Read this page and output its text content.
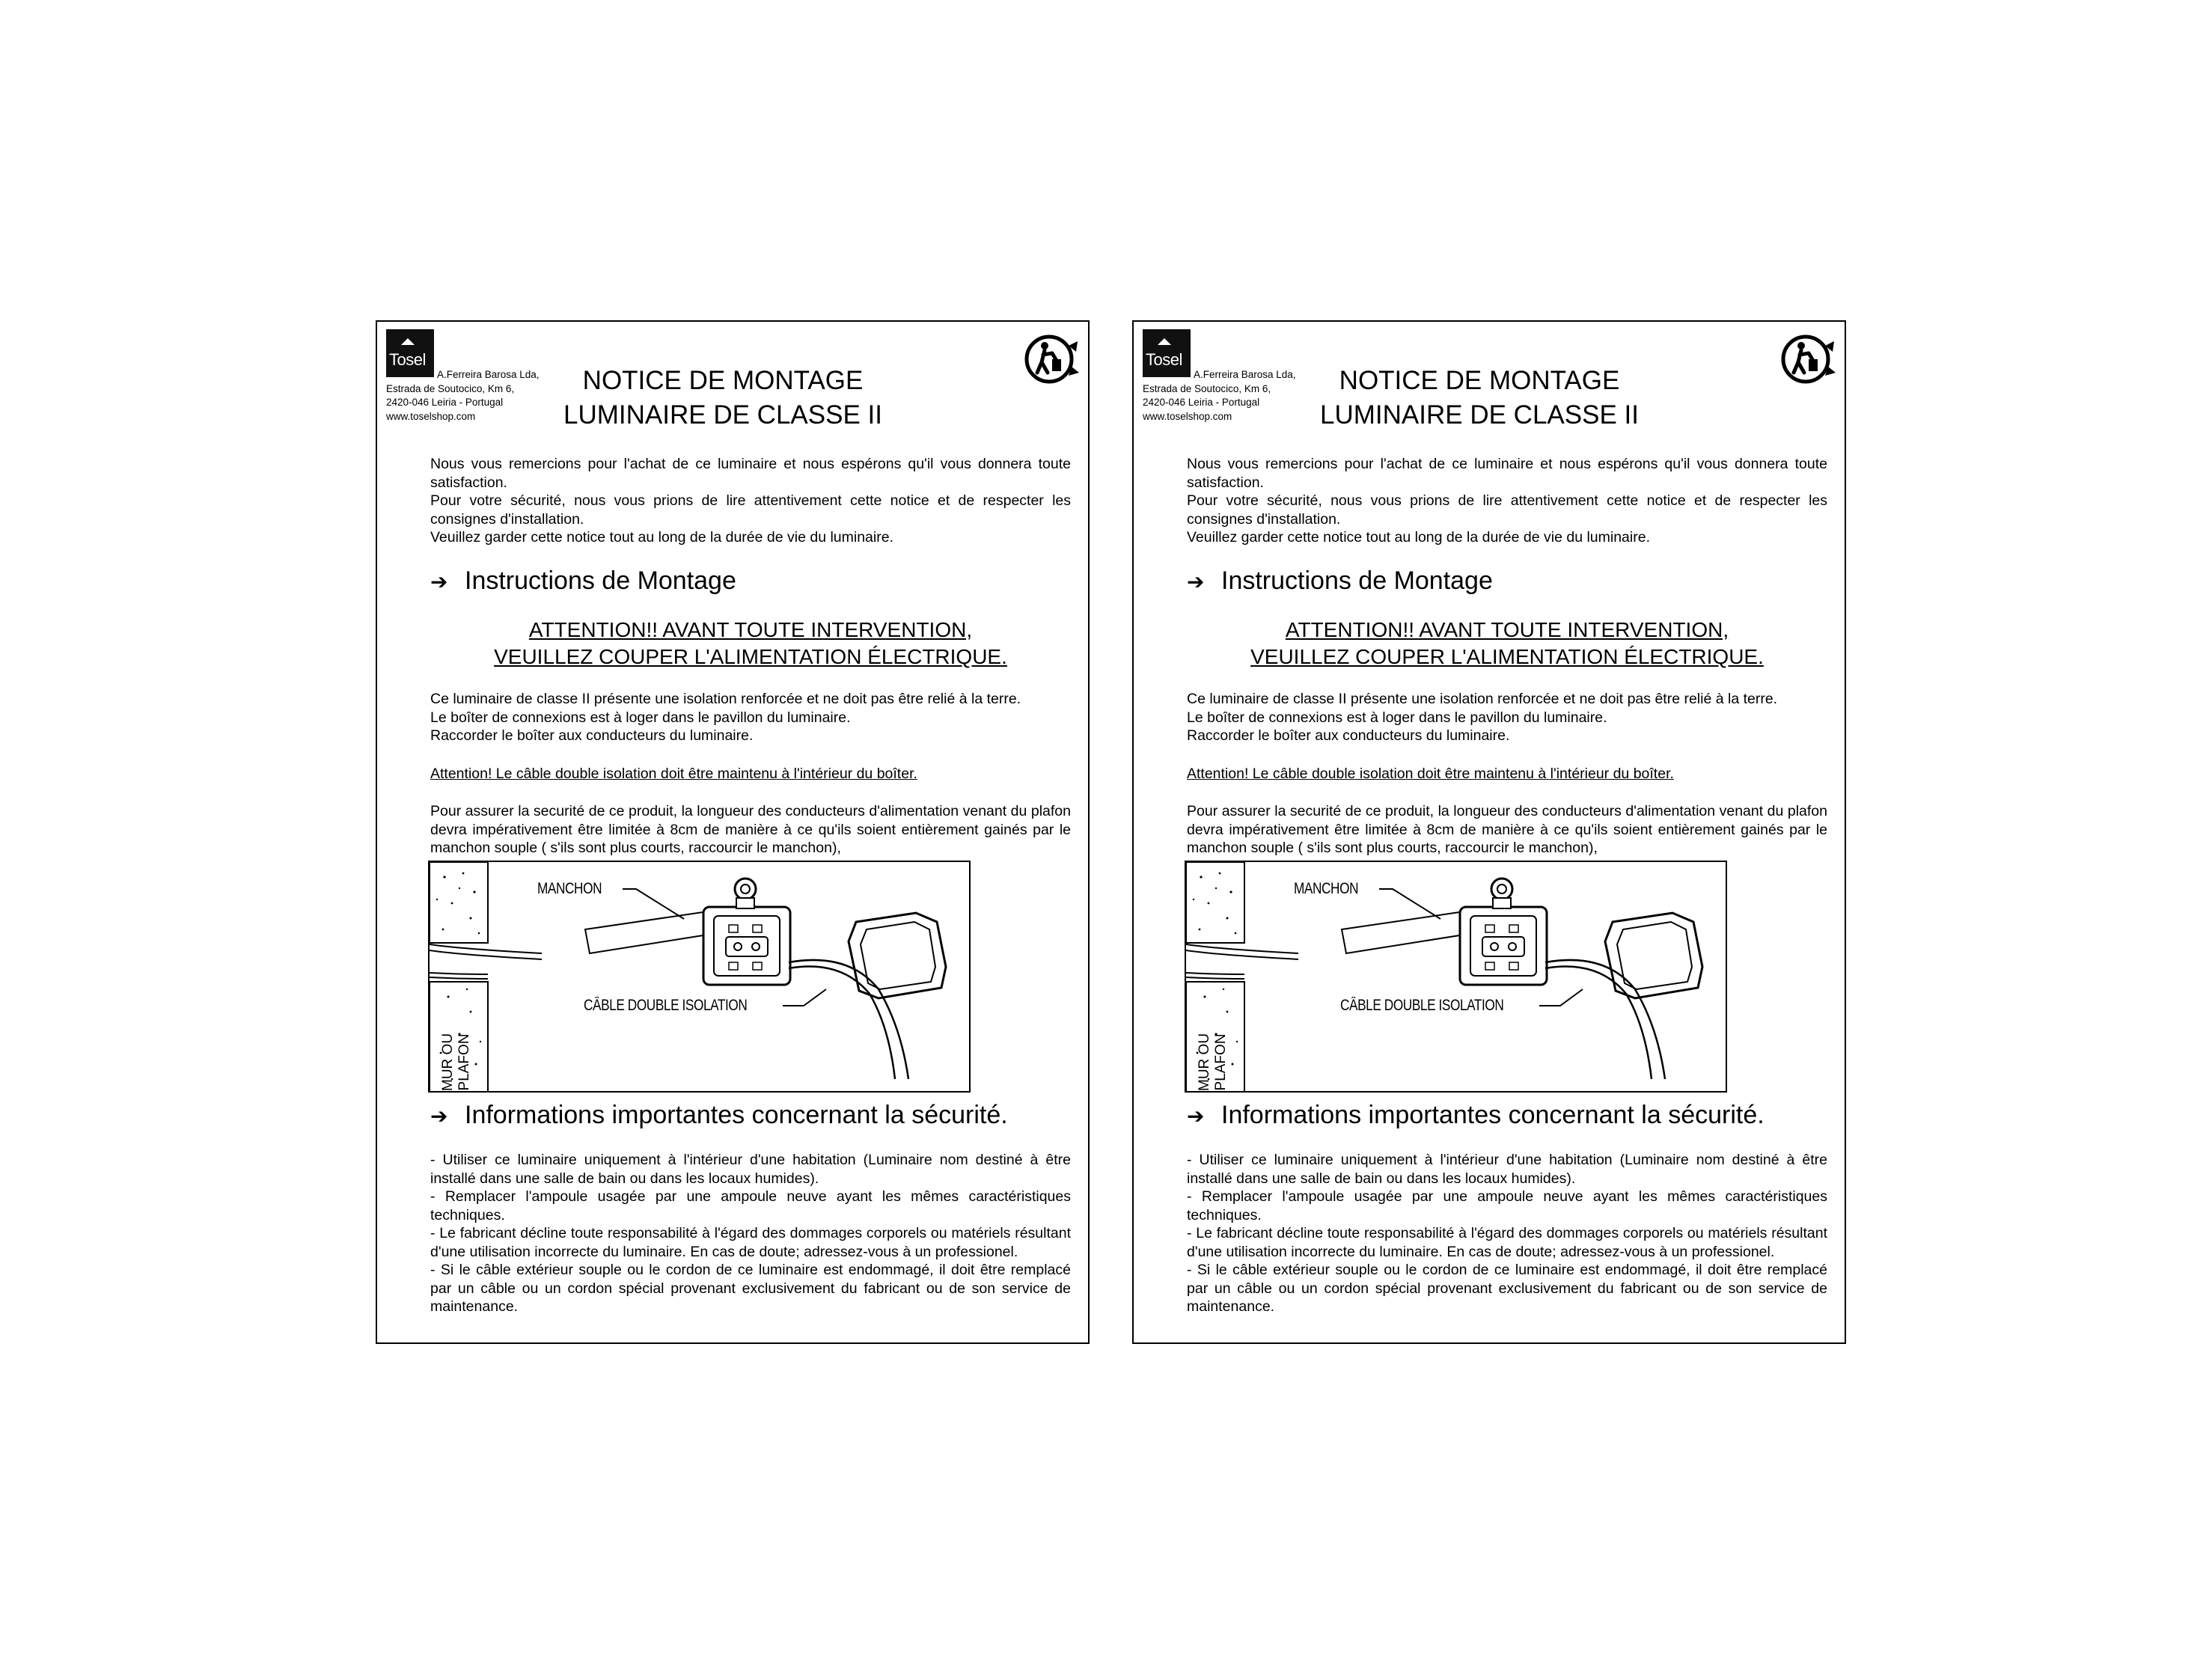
Tosel
A.Ferreira Barosa Lda,
Estrada de Soutocico, Km 6,
2420-046 Leiria - Portugal
www.toselshop.com
NOTICE DE MONTAGE
LUMINAIRE DE CLASSE II

Nous vous remercions pour l'achat de ce luminaire et nous espérons qu'il vous donnera toute satisfaction.

Pour votre sécurité, nous vous prions de lire attentivement cette notice et de respecter les consignes d'installation.

Veuillez garder cette notice tout au long de la durée de vie du luminaire.

➔ Instructions de Montage
ATTENTION!! AVANT TOUTE INTERVENTION,
VEUILLEZ COUPER L'ALIMENTATION ÉLECTRIQUE.

Ce luminaire de classe II présente une isolation renforcée et ne doit pas être relié à la terre.

Le boîter de connexions est à loger dans le pavillon du luminaire.

Raccorder le boîter aux conducteurs du luminaire.

Attention! Le câble double isolation doit être maintenu à l'intérieur du boîter.

Pour assurer la securité de ce produit, la longueur des conducteurs d'alimentation venant du plafon devra impérativement être limitée à 8cm de manière à ce qu'ils soient entièrement gainés par le manchon souple ( s'ils sont plus courts, raccourcir le manchon),

MANCHON
CÂBLE DOUBLE ISOLATION
MUR OU PLAFON
➔ Informations importantes concernant la sécurité.

- Utiliser ce luminaire uniquement à l'intérieur d'une habitation (Luminaire nom destiné à être installé dans une salle de bain ou dans les locaux humides).

- Remplacer l'ampoule usagée par une ampoule neuve ayant les mêmes caractéristiques techniques.

- Le fabricant décline toute responsabilité à l'égard des dommages corporels ou matériels résultant d'une utilisation incorrecte du luminaire. En cas de doute; adressez-vous à un professionel.

- Si le câble extérieur souple ou le cordon de ce luminaire est endommagé, il doit être remplacé par un câble ou un cordon spécial provenant exclusivement du fabricant ou de son service de maintenance.

Tosel
A.Ferreira Barosa Lda,
Estrada de Soutocico, Km 6,
2420-046 Leiria - Portugal
www.toselshop.com
NOTICE DE MONTAGE
LUMINAIRE DE CLASSE II

Nous vous remercions pour l'achat de ce luminaire et nous espérons qu'il vous donnera toute satisfaction.

Pour votre sécurité, nous vous prions de lire attentivement cette notice et de respecter les consignes d'installation.

Veuillez garder cette notice tout au long de la durée de vie du luminaire.

➔ Instructions de Montage
ATTENTION!! AVANT TOUTE INTERVENTION,
VEUILLEZ COUPER L'ALIMENTATION ÉLECTRIQUE.

Ce luminaire de classe II présente une isolation renforcée et ne doit pas être relié à la terre.

Le boîter de connexions est à loger dans le pavillon du luminaire.

Raccorder le boîter aux conducteurs du luminaire.

Attention! Le câble double isolation doit être maintenu à l'intérieur du boîter.

Pour assurer la securité de ce produit, la longueur des conducteurs d'alimentation venant du plafon devra impérativement être limitée à 8cm de manière à ce qu'ils soient entièrement gainés par le manchon souple ( s'ils sont plus courts, raccourcir le manchon),

MANCHON
CÂBLE DOUBLE ISOLATION
MUR OU PLAFON
➔ Informations importantes concernant la sécurité.

- Utiliser ce luminaire uniquement à l'intérieur d'une habitation (Luminaire nom destiné à être installé dans une salle de bain ou dans les locaux humides).

- Remplacer l'ampoule usagée par une ampoule neuve ayant les mêmes caractéristiques techniques.

- Le fabricant décline toute responsabilité à l'égard des dommages corporels ou matériels résultant d'une utilisation incorrecte du luminaire. En cas de doute; adressez-vous à un professionel.

- Si le câble extérieur souple ou le cordon de ce luminaire est endommagé, il doit être remplacé par un câble ou un cordon spécial provenant exclusivement du fabricant ou de son service de maintenance.
